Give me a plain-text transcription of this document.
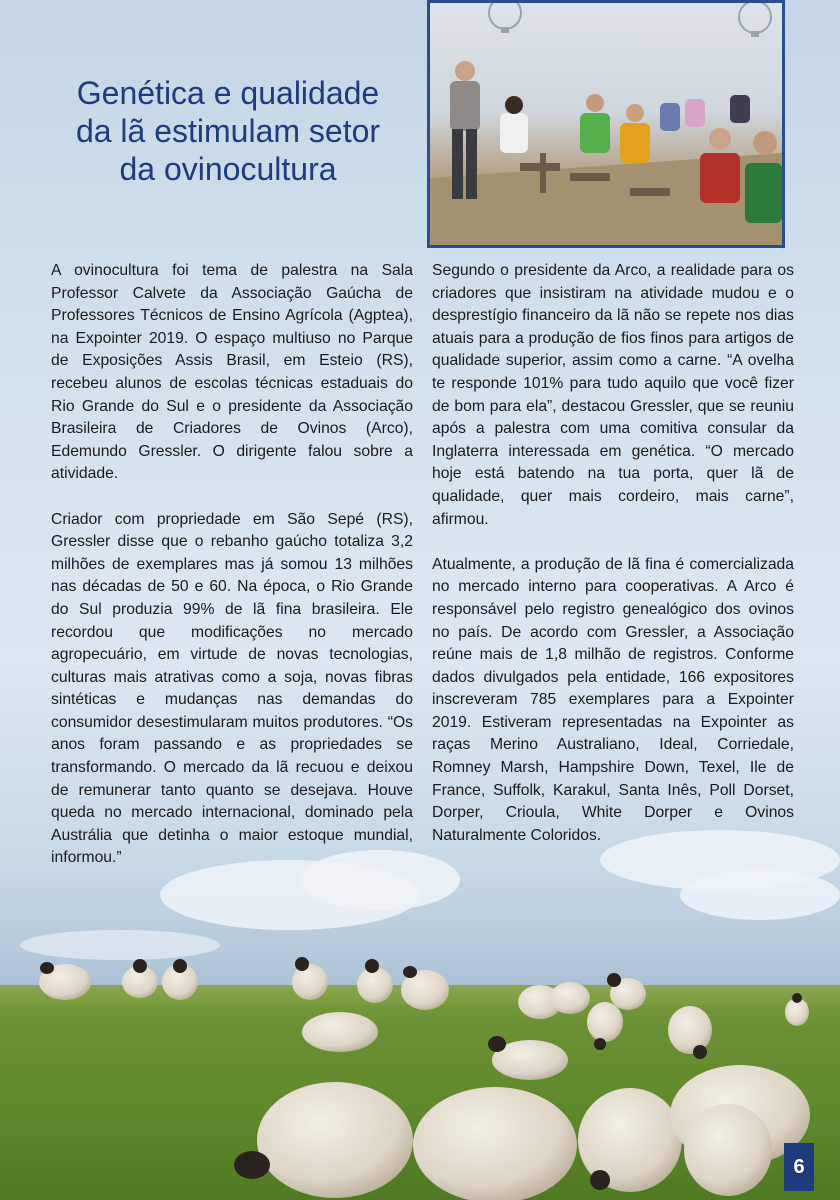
Genética e qualidade
da lã estimulam setor
da ovinocultura

A ovinocultura foi tema de palestra na Sala Professor Calvete da Associação Gaúcha de Professores Técnicos de Ensino Agrícola (Agptea), na Expointer 2019. O espaço multiuso no Parque de Exposições Assis Brasil, em Esteio (RS), recebeu alunos de escolas técnicas estaduais do Rio Grande do Sul e o presidente da Associação Brasileira de Criadores de Ovinos (Arco), Edemundo Gressler. O dirigente falou sobre a atividade.

Criador com propriedade em São Sepé (RS), Gressler disse que o rebanho gaúcho totaliza 3,2 milhões de exemplares mas já somou 13 milhões nas décadas de 50 e 60. Na época, o Rio Grande do Sul produzia 99% de lã fina brasileira. Ele recordou que modificações no mercado agropecuário, em virtude de novas tecnologias, culturas mais atrativas como a soja, novas fibras sintéticas e mudanças nas demandas do consumidor desestimularam muitos produtores. “Os anos foram passando e as propriedades se transformando. O mercado da lã recuou e deixou de remunerar tanto quanto se desejava. Houve queda no mercado internacional, dominado pela Austrália que detinha o maior estoque mundial, informou.”

Segundo o presidente da Arco, a realidade para os criadores que insistiram na atividade mudou e o desprestígio financeiro da lã não se repete nos dias atuais para a produção de fios finos para artigos de qualidade superior, assim como a carne. “A ovelha te responde 101% para tudo aquilo que você fizer de bom para ela”, destacou Gressler, que se reuniu após a palestra com uma comitiva consular da Inglaterra interessada em genética. “O mercado hoje está batendo na tua porta, quer lã de qualidade, quer mais cordeiro, mais carne”, afirmou.

Atualmente, a produção de lã fina é comercializada no mercado interno para cooperativas. A Arco é responsável pelo registro genealógico dos ovinos no país. De acordo com Gressler, a Associação reúne mais de 1,8 milhão de registros. Conforme dados divulgados pela entidade, 166 expositores inscreveram 785 exemplares para a Expointer 2019. Estiveram representadas na Expointer as raças Merino Australiano, Ideal, Corriedale, Romney Marsh, Hampshire Down, Texel, Ile de France, Suffolk, Karakul, Santa Inês, Poll Dorset, Dorper, Crioula, White Dorper e Ovinos Naturalmente Coloridos.

6
